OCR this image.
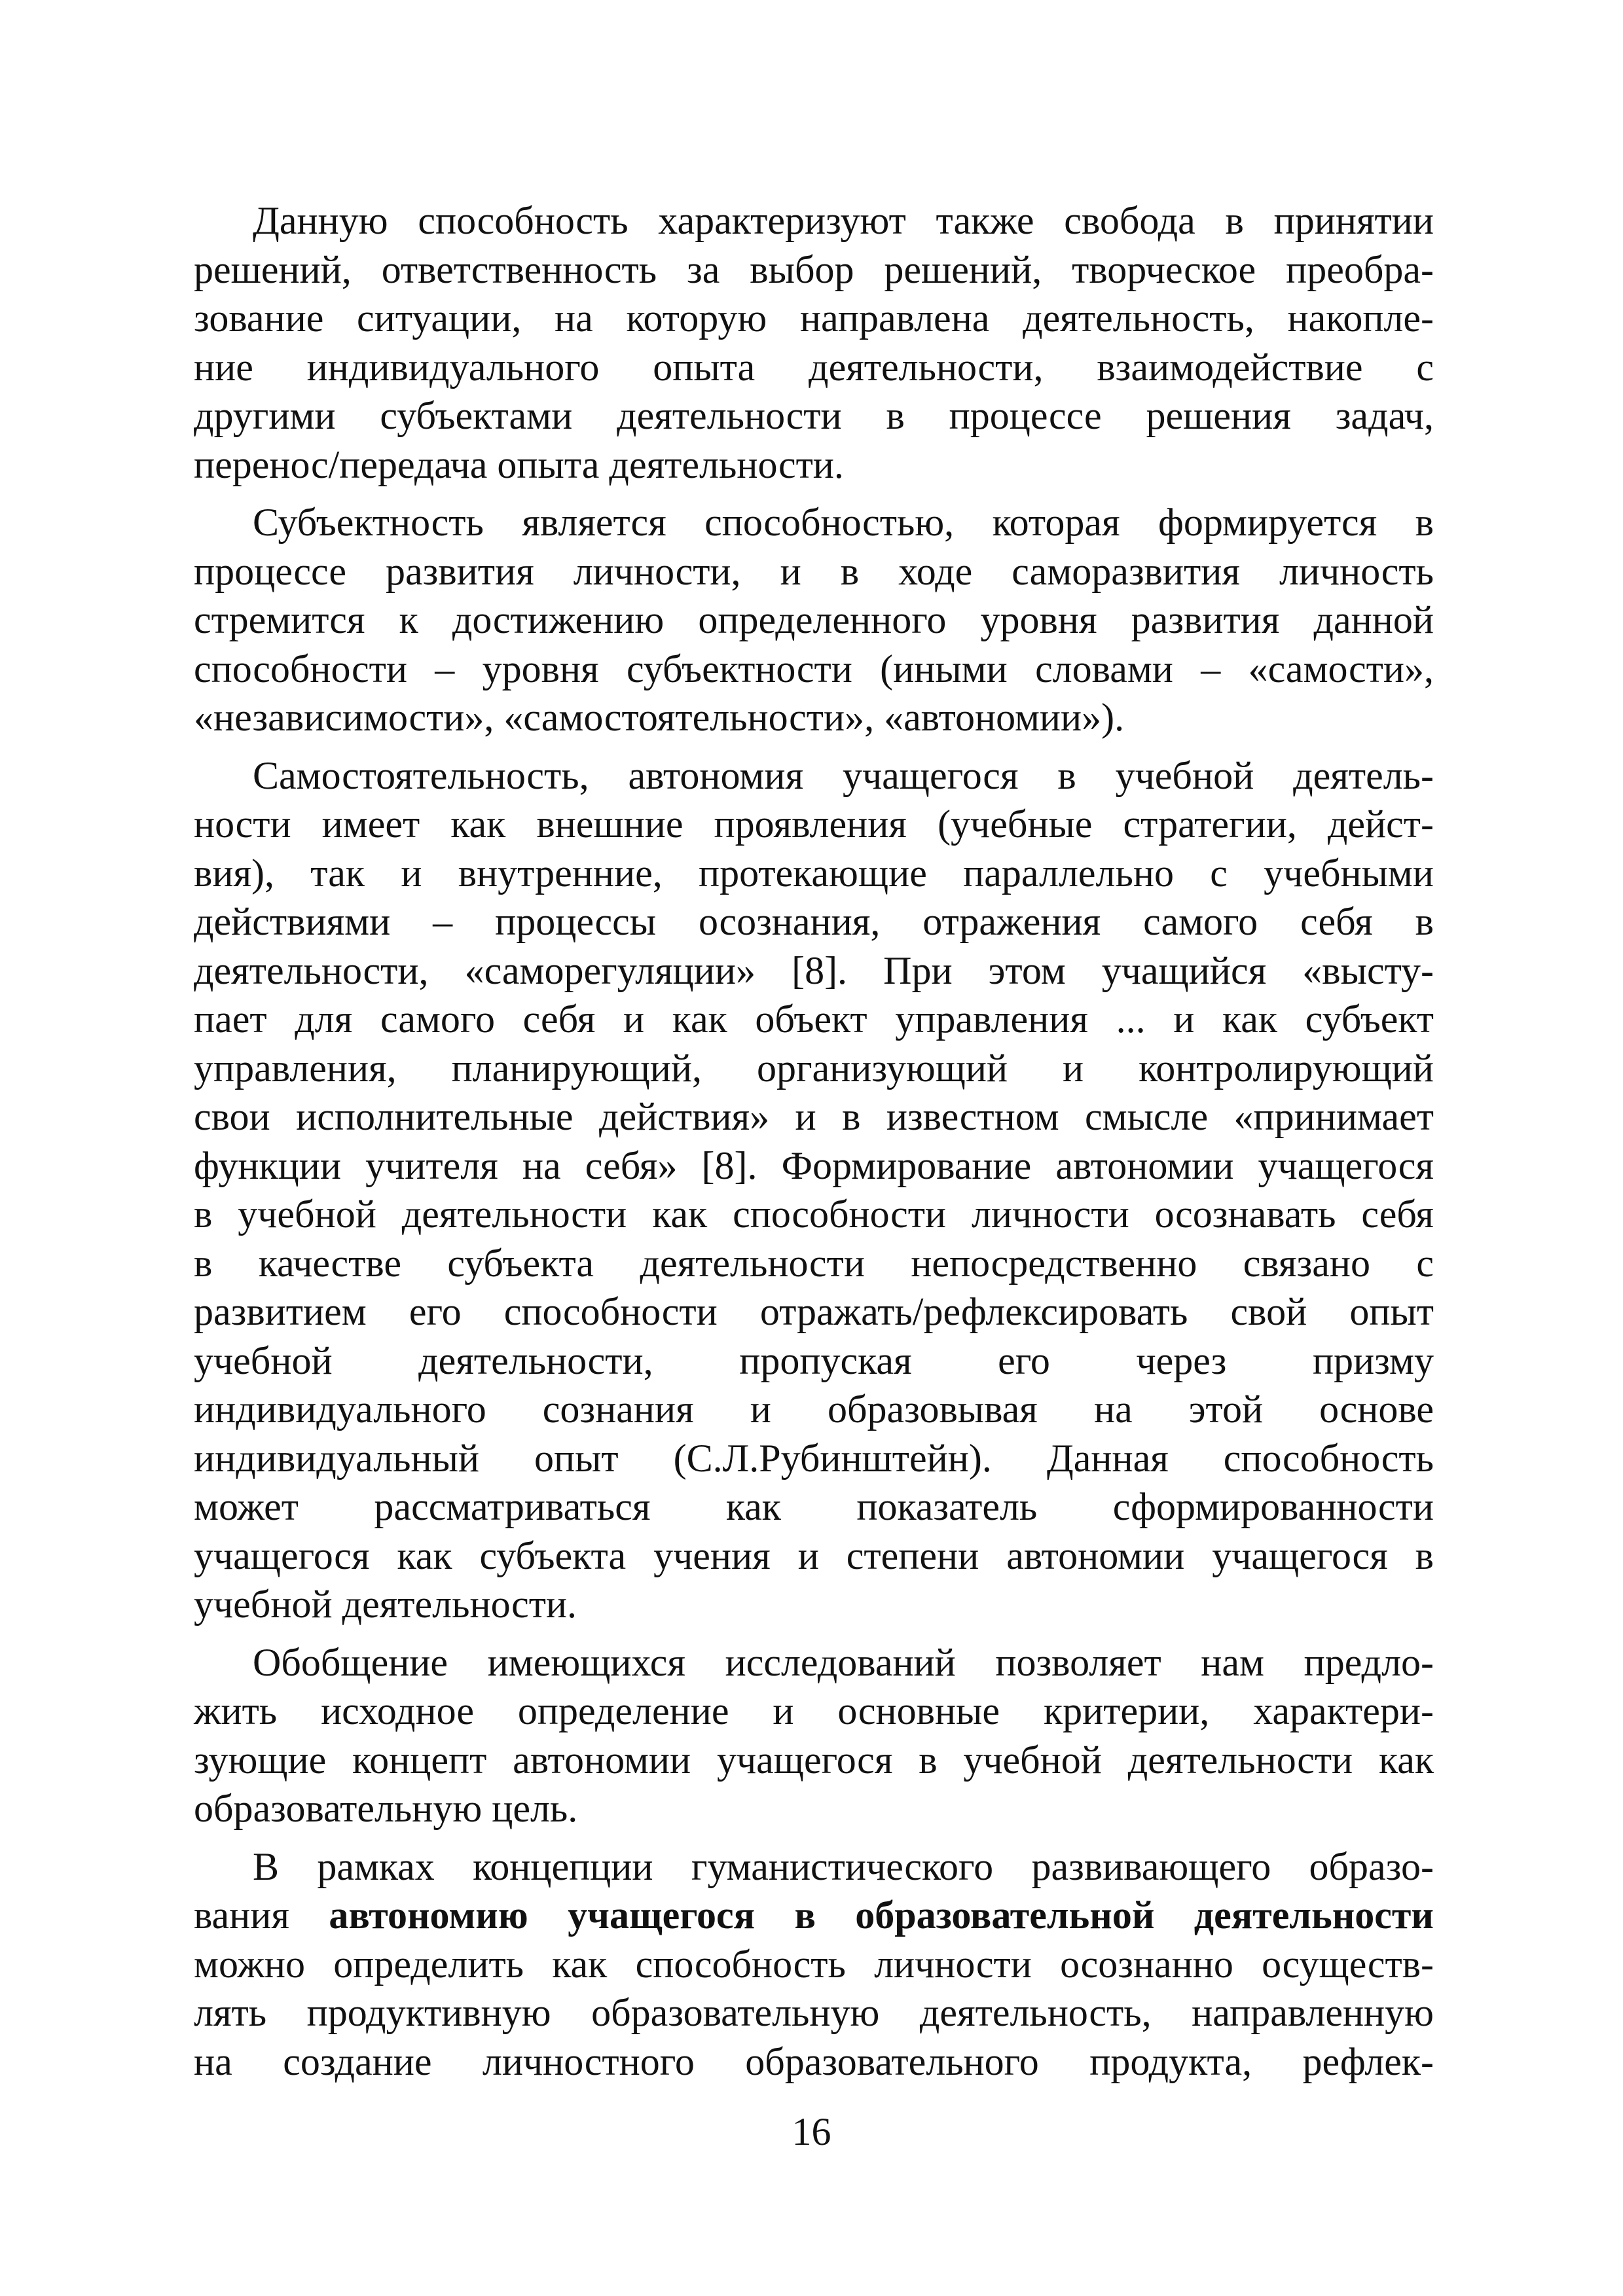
Данную способность характеризуют также свобода в принятии
решений, ответственность за выбор решений, творческое преобра-
зование ситуации, на которую направлена деятельность, накопле-
ние индивидуального опыта деятельности, взаимодействие с
другими субъектами деятельности в процессе решения задач,
перенос/передача опыта деятельности.

Субъектность является способностью, которая формируется в
процессе развития личности, и в ходе саморазвития личность
стремится к достижению определенного уровня развития данной
способности – уровня субъектности (иными словами – «самости»,
«независимости», «самостоятельности», «автономии»).

Самостоятельность, автономия учащегося в учебной деятель-
ности имеет как внешние проявления (учебные стратегии, дейст-
вия), так и внутренние, протекающие параллельно с учебными
действиями – процессы осознания, отражения самого себя в
деятельности, «саморегуляции» [8]. При этом учащийся «высту-
пает для самого себя и как объект управления ... и как субъект
управления, планирующий, организующий и контролирующий
свои исполнительные действия» и в известном смысле «принимает
функции учителя на себя» [8]. Формирование автономии учащегося
в учебной деятельности как способности личности осознавать себя
в качестве субъекта деятельности непосредственно связано с
развитием его способности отражать/рефлексировать свой опыт
учебной деятельности, пропуская его через призму
индивидуального сознания и образовывая на этой основе
индивидуальный опыт (С.Л.Рубинштейн). Данная способность
может рассматриваться как показатель сформированности
учащегося как субъекта учения и степени автономии учащегося в
учебной деятельности.

Обобщение имеющихся исследований позволяет нам предло-
жить исходное определение и основные критерии, характери-
зующие концепт автономии учащегося в учебной деятельности как
образовательную цель.

В рамках концепции гуманистического развивающего образо-
вания автономию учащегося в образовательной деятельности
можно определить как способность личности осознанно осуществ-
лять продуктивную образовательную деятельность, направленную
на создание личностного образовательного продукта, рефлек-

16
